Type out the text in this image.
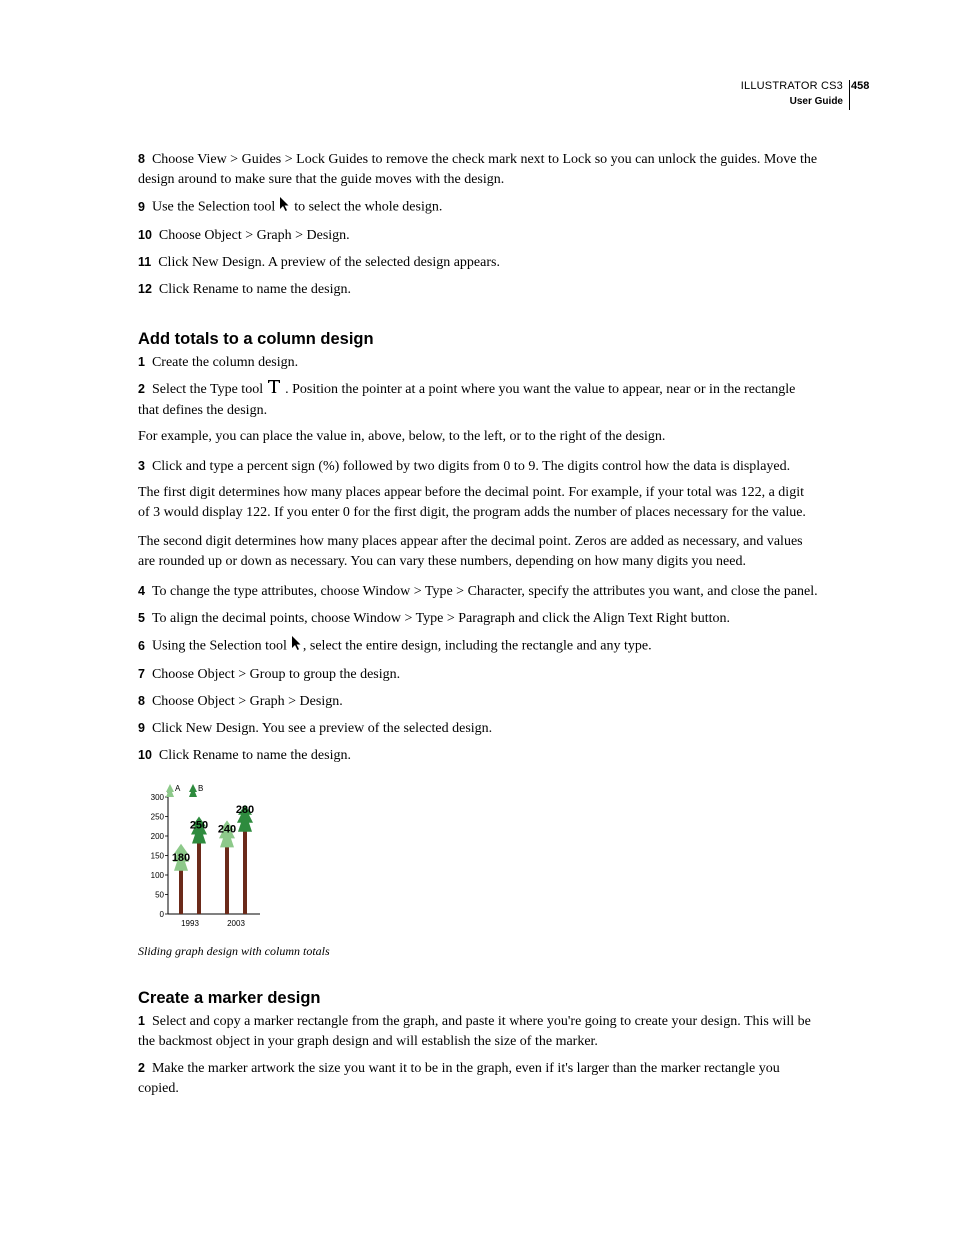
ILLUSTRATOR CS3
User Guide
458

8 Choose View > Guides > Lock Guides to remove the check mark next to Lock so you can unlock the guides. Move the design around to make sure that the guide moves with the design.

9 Use the Selection tool to select the whole design.

10 Choose Object > Graph > Design.

11 Click New Design. A preview of the selected design appears.

12 Click Rename to name the design.

Add totals to a column design

1 Create the column design.

2 Select the Type tool . Position the pointer at a point where you want the value to appear, near or in the rectangle that defines the design.

For example, you can place the value in, above, below, to the left, or to the right of the design.

3 Click and type a percent sign (%) followed by two digits from 0 to 9. The digits control how the data is displayed.

The first digit determines how many places appear before the decimal point. For example, if your total was 122, a digit of 3 would display 122. If you enter 0 for the first digit, the program adds the number of places necessary for the value.

The second digit determines how many places appear after the decimal point. Zeros are added as necessary, and values are rounded up or down as necessary. You can vary these numbers, depending on how many digits you need.

4 To change the type attributes, choose Window > Type > Character, specify the attributes you want, and close the panel.

5 To align the decimal points, choose Window > Type > Paragraph and click the Align Text Right button.

6 Using the Selection tool , select the entire design, including the rectangle and any type.

7 Choose Object > Group to group the design.

8 Choose Object > Graph > Design.

9 Click New Design. You see a preview of the selected design.

10 Click Rename to name the design.

0
50
100
150
200
250
300
180
250
1993
240
280
2003
A B

Sliding graph design with column totals

Create a marker design

1 Select and copy a marker rectangle from the graph, and paste it where you're going to create your design. This will be the backmost object in your graph design and will establish the size of the marker.

2 Make the marker artwork the size you want it to be in the graph, even if it's larger than the marker rectangle you copied.
